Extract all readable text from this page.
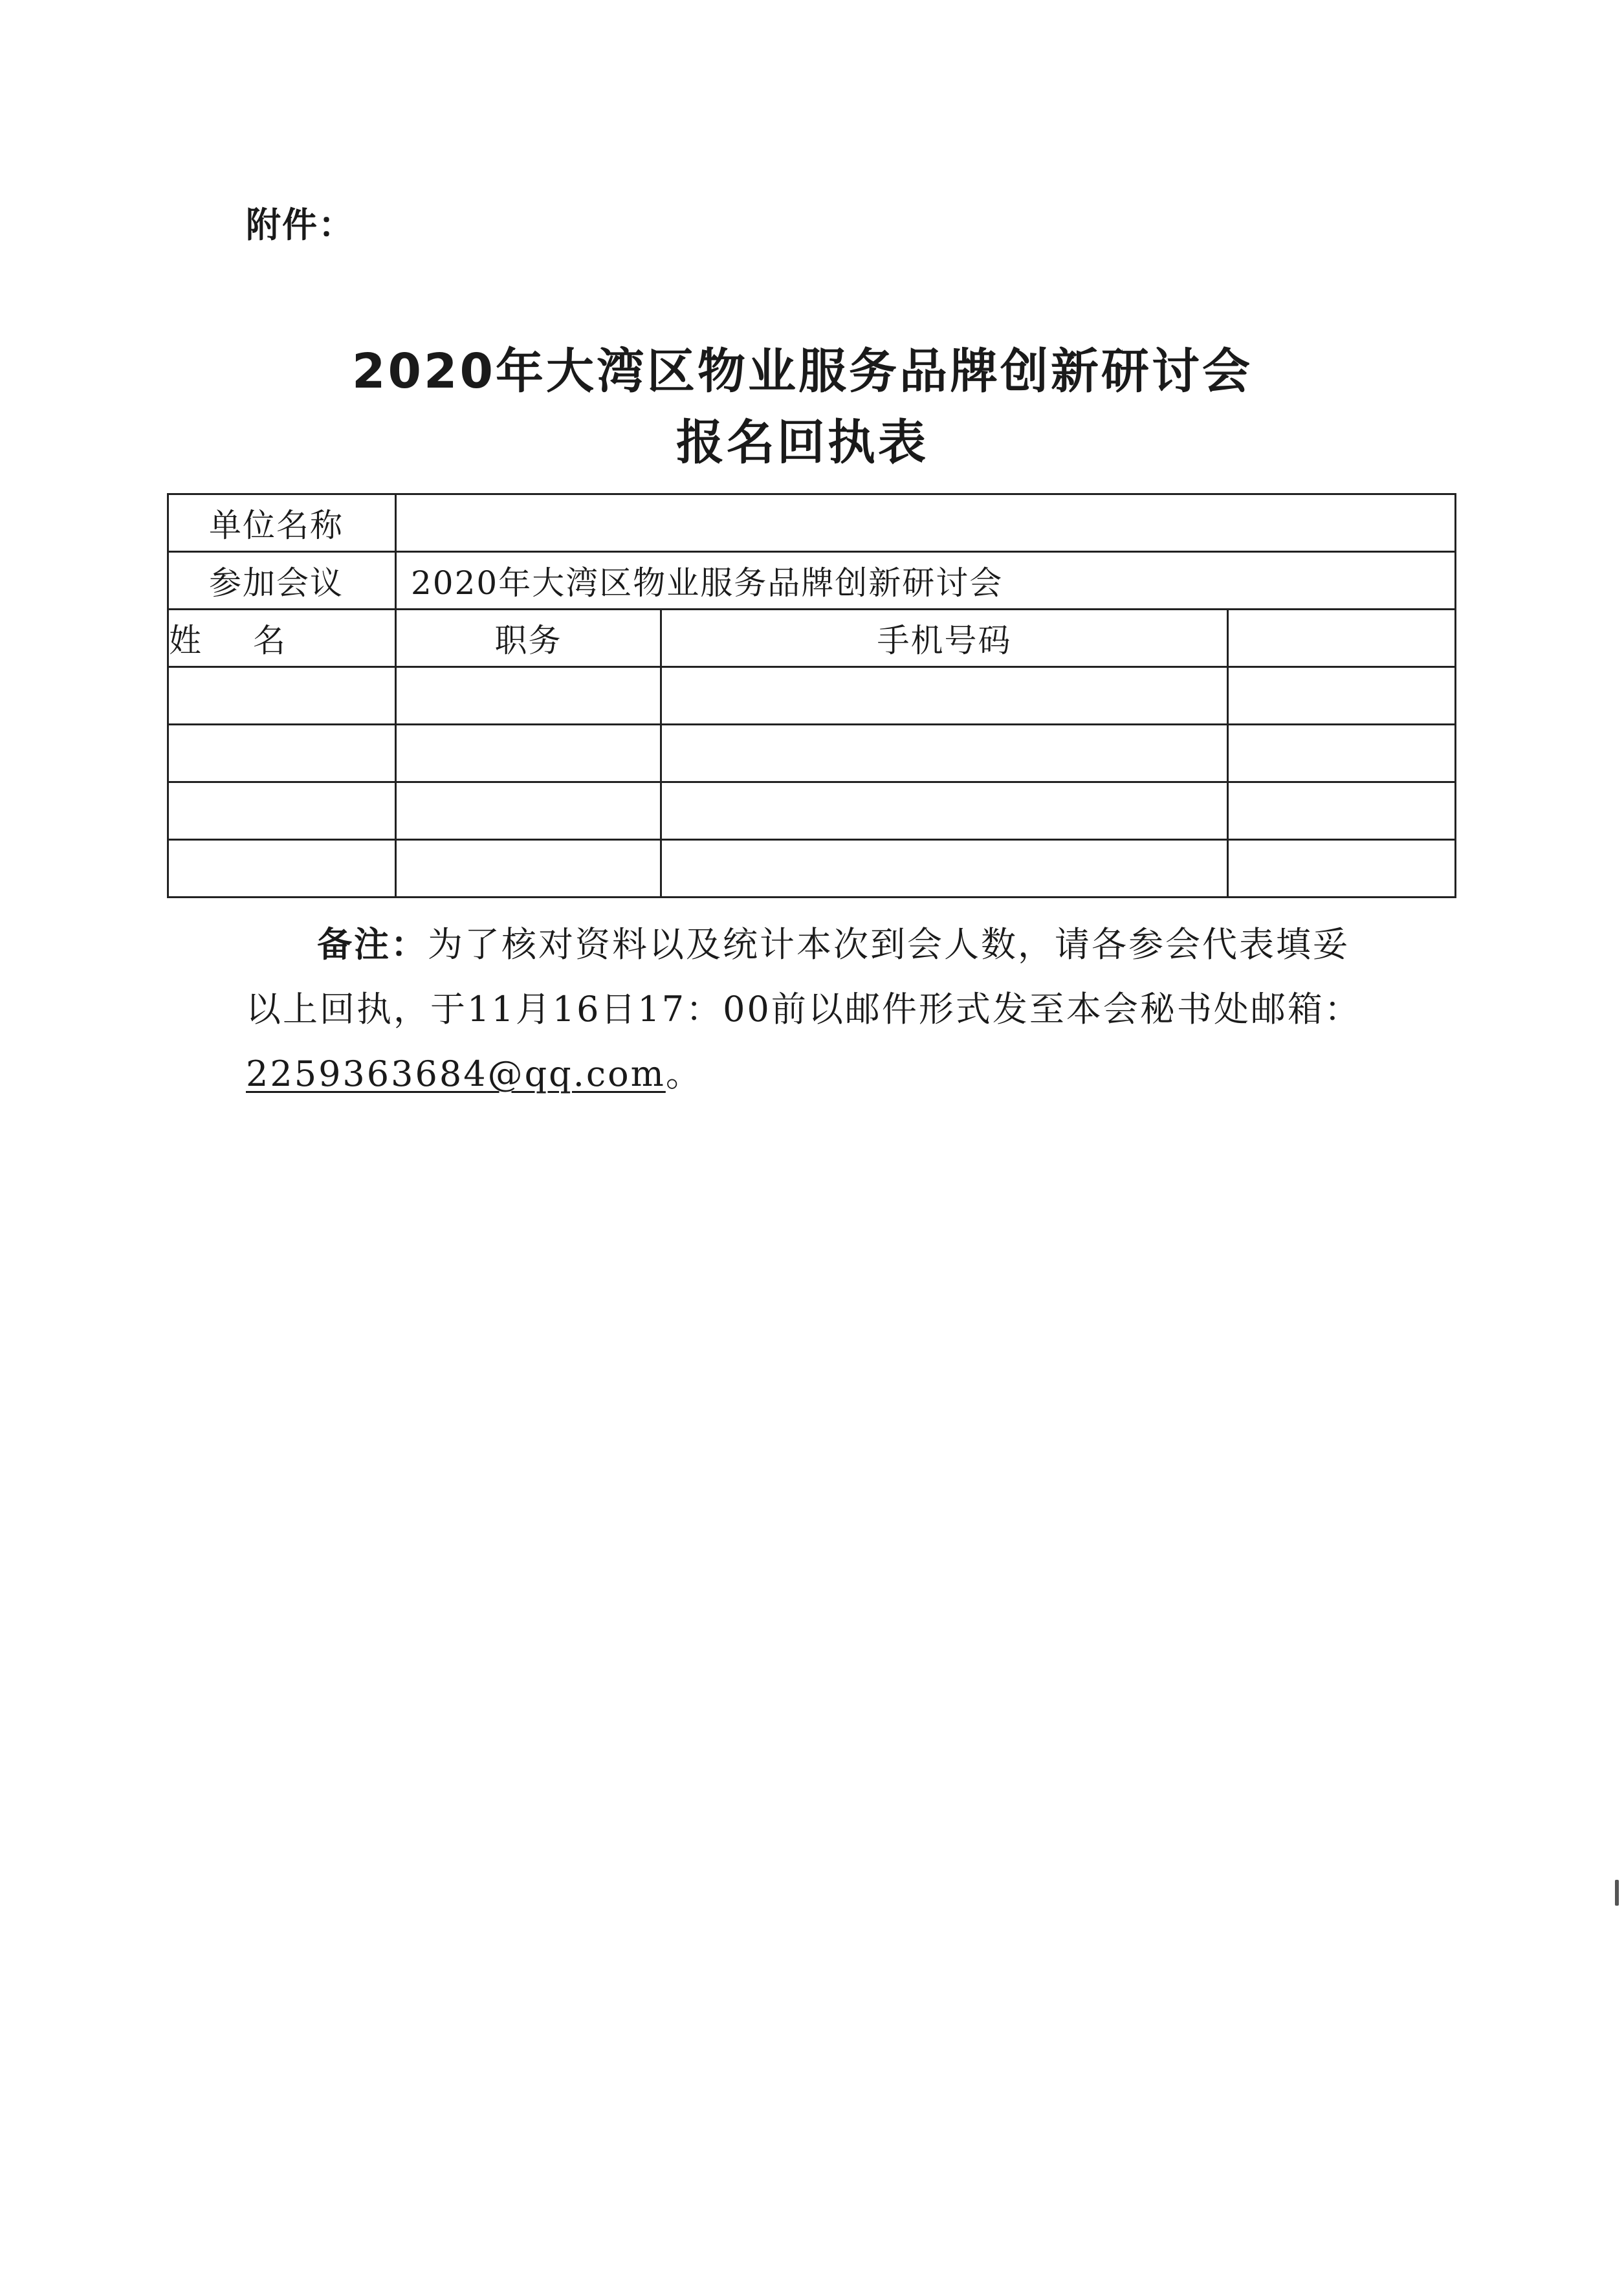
附件：
2020年大湾区物业服务品牌创新研讨会
报名回执表
单位名称			
参加会议	2020年大湾区物业服务品牌创新研讨会		
姓 名	职务	手机号码	

备注：为了核对资料以及统计本次到会人数，请各参会代表填妥以上回执，于11月16日17：00前以邮件形式发至本会秘书处邮箱：2259363684@qq.com。
